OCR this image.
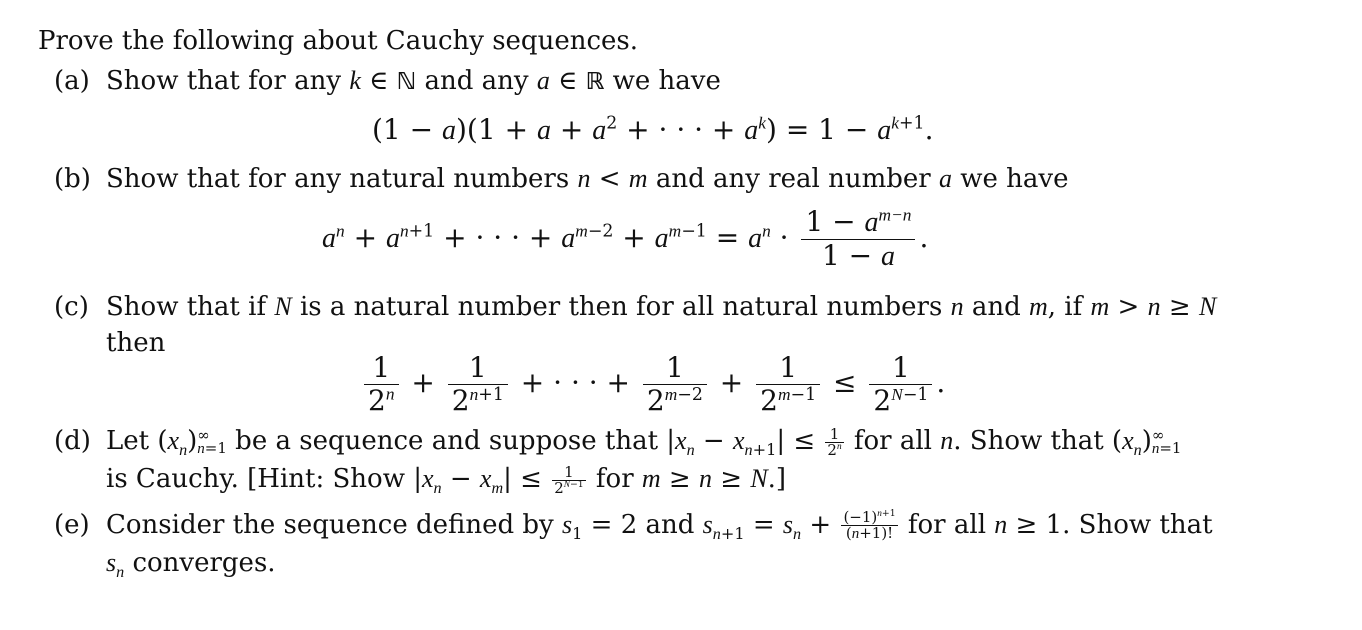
Prove the following about Cauchy sequences.
(a) Show that for any k ∈ ℕ and any a ∈ ℝ we have
$(1 - a)(1 + a + a^2$ + · · · + $a^k) = 1 - a^{k+1}$.
(b) Show that for any natural numbers n < m and any real number a we have
$a^n + a^{n+1}$ + · · · + $a^{m-2} + a^{m-1} = a^n \cdot \frac{1 - a^{m-n}}{1 - a}$ .
(c) Show that if N is a natural number then for all natural numbers n and m, if m > n ≥ N
then
$\frac{1}{2^n} + \frac{1}{2^{n+1}}$ + · · · + $\frac{1}{2^{m-2}} + \frac{1}{2^{m-1}} \le \frac{1}{2^{N-1}}$ .
(d) Let $(x_n)$ ∞
n=1 be a sequence and suppose that $|x_n - x_{n+1}| \le \frac{1}{2^n}$ for all n. Show that $(x_n)$ ∞
n=1
is Cauchy. [Hint: Show $|x_n - x_m| \le \frac{1}{2^{N-1}}$ for m ≥ n ≥ N.]
(e) Consider the sequence defined by $s_1 = 2$ and $s_{n+1} = s_n + \frac{(-1)^{n+1}}{(n+1)!}$ for all n ≥ 1. Show that
$s_n$ converges.
